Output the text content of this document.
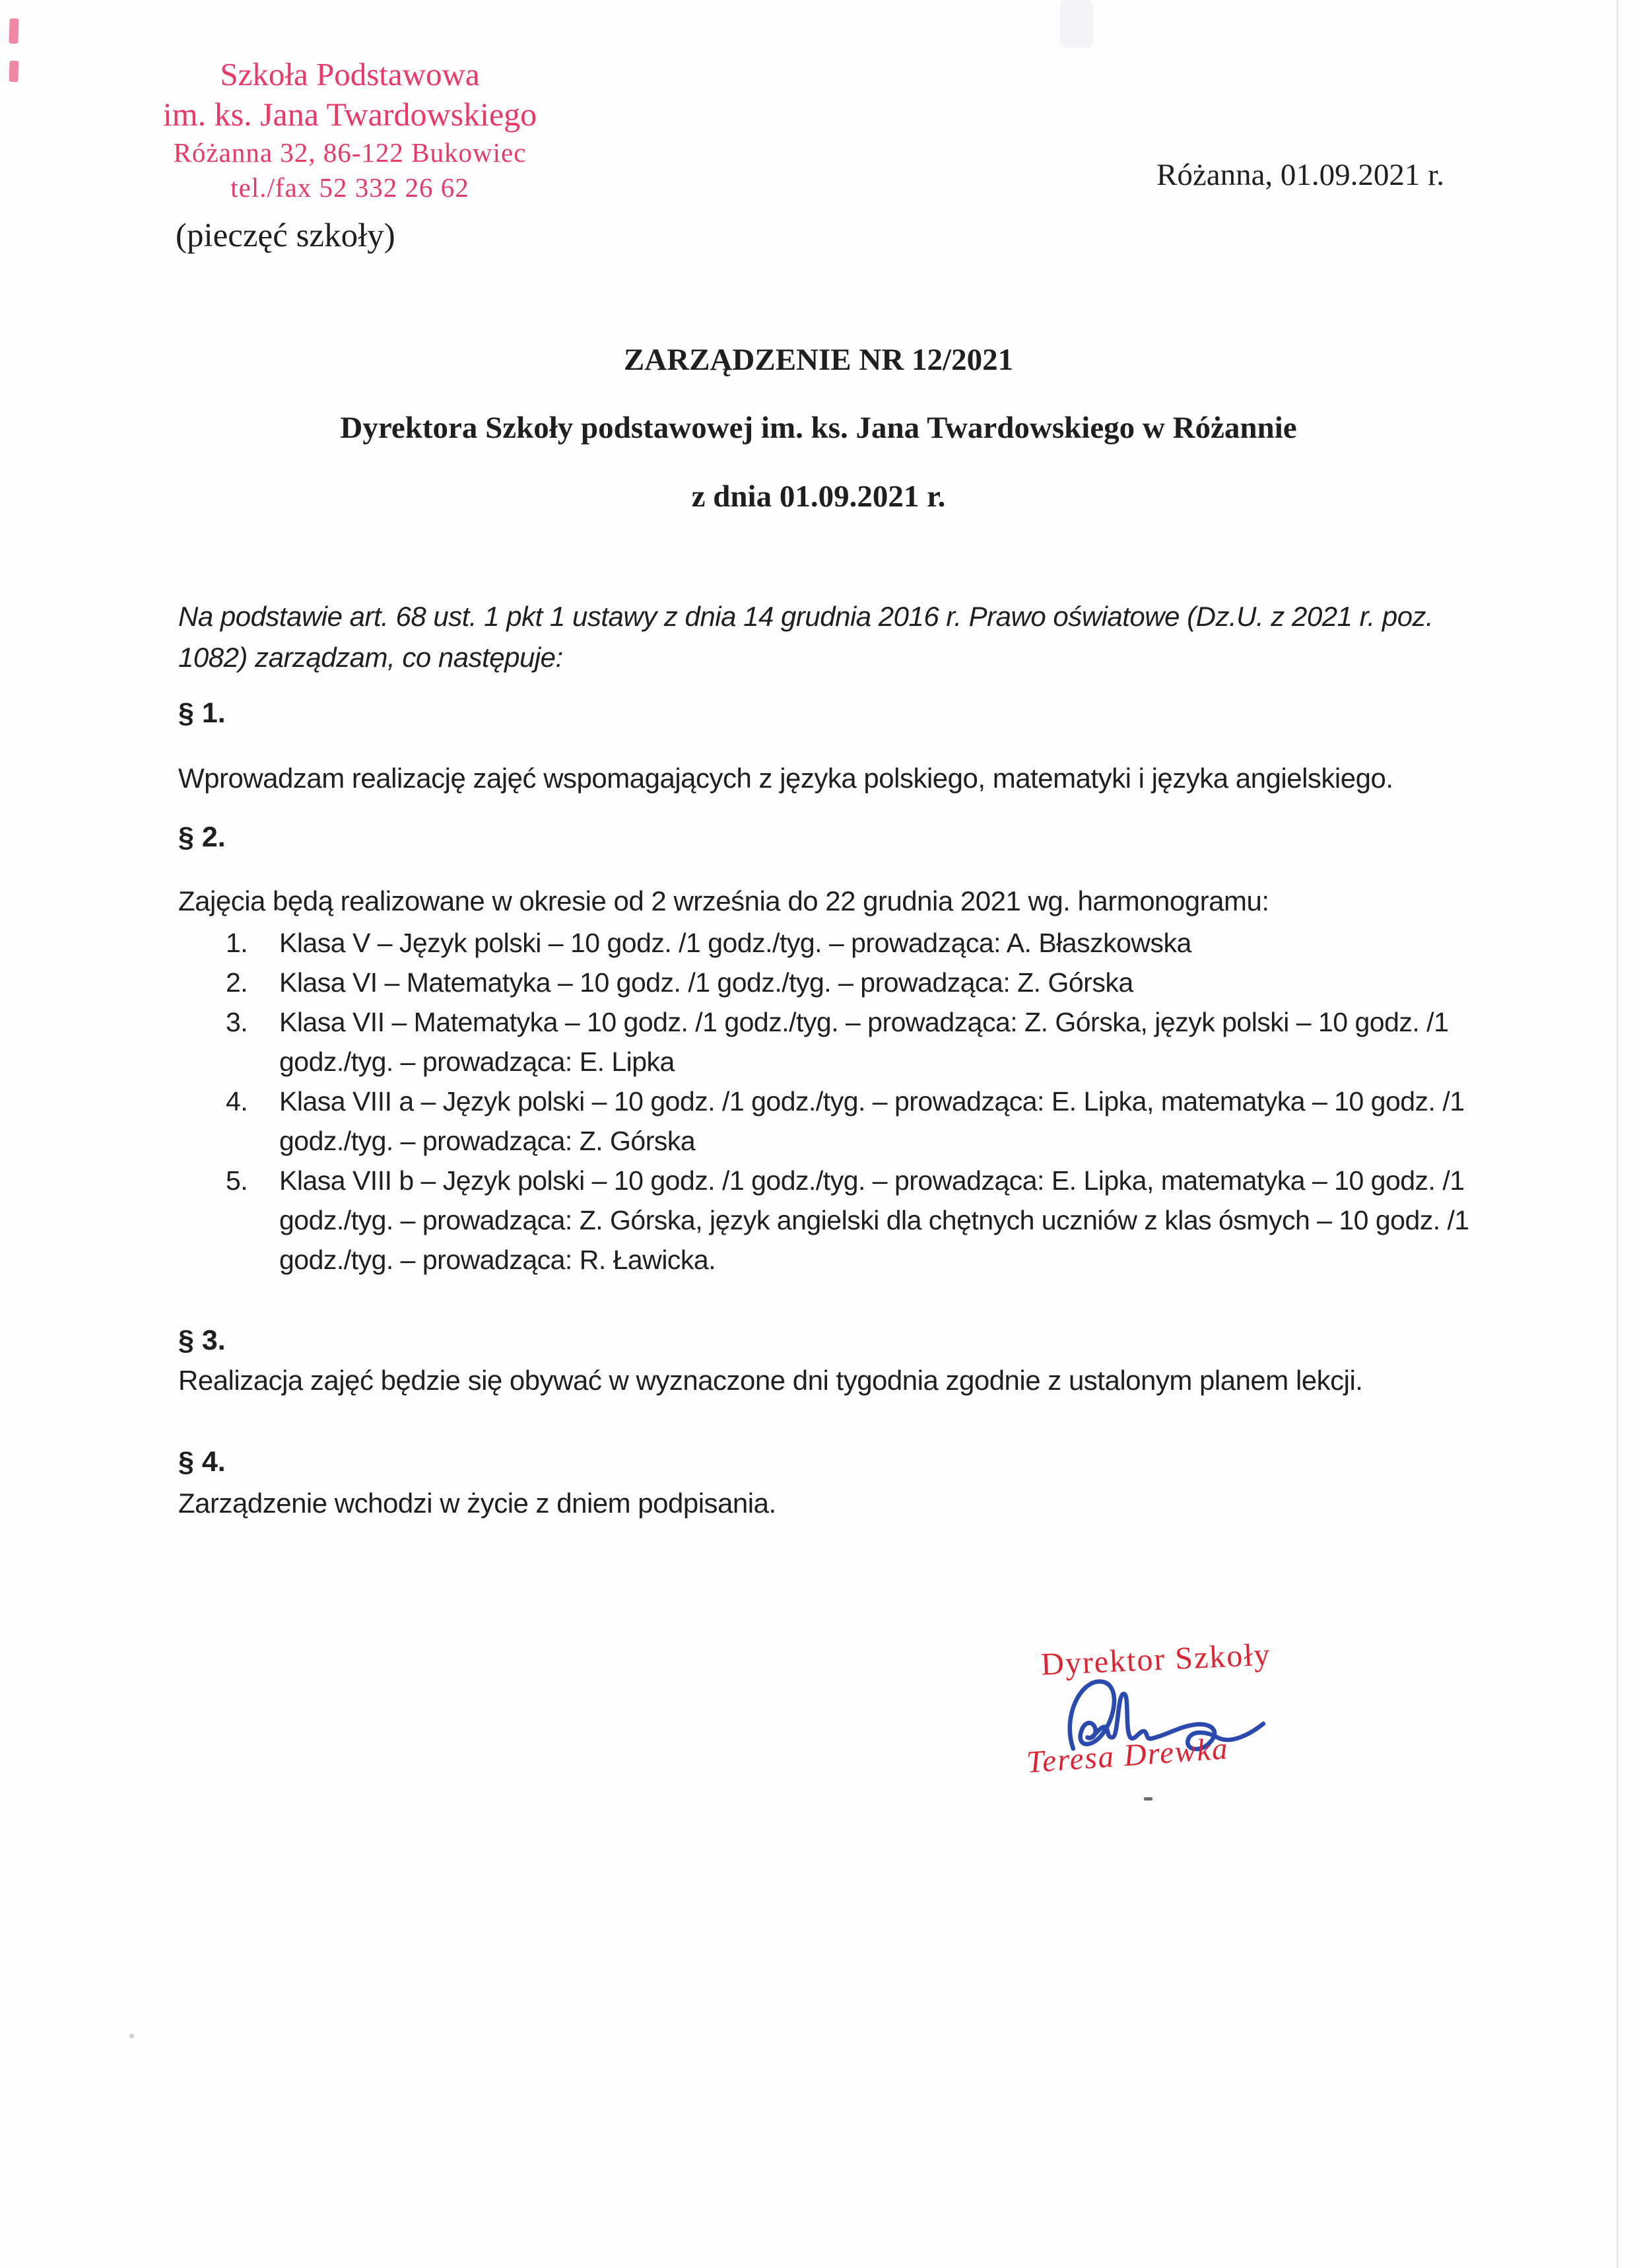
Szkoła Podstawowa
im. ks. Jana Twardowskiego
Różanna 32, 86-122 Bukowiec
tel./fax 52 332 26 62	Różanna, 01.09.2021 r.
(pieczęć szkoły)
ZARZĄDZENIE NR 12/2021
Dyrektora Szkoły podstawowej im. ks. Jana Twardowskiego w Różannie
z dnia 01.09.2021 r.

Na podstawie art. 68 ust. 1 pkt 1 ustawy z dnia 14 grudnia 2016 r. Prawo oświatowe (Dz.U. z 2021 r. poz. 1082) zarządzam, co następuje:

§ 1.

Wprowadzam realizację zajęć wspomagających z języka polskiego, matematyki i języka angielskiego.

§ 2.

Zajęcia będą realizowane w okresie od 2 września do 22 grudnia 2021 wg. harmonogramu:

1.	Klasa V – Język polski – 10 godz. /1 godz./tyg. – prowadząca: A. Błaszkowska
2.	Klasa VI – Matematyka – 10 godz. /1 godz./tyg. – prowadząca: Z. Górska
3.	Klasa VII – Matematyka – 10 godz. /1 godz./tyg. – prowadząca: Z. Górska, język polski – 10 godz. /1 godz./tyg. – prowadząca: E. Lipka
4.	Klasa VIII a – Język polski – 10 godz. /1 godz./tyg. – prowadząca: E. Lipka, matematyka – 10 godz. /1 godz./tyg. – prowadząca: Z. Górska
5.	Klasa VIII b – Język polski – 10 godz. /1 godz./tyg. – prowadząca: E. Lipka, matematyka – 10 godz. /1 godz./tyg. – prowadząca: Z. Górska, język angielski dla chętnych uczniów z klas ósmych – 10 godz. /1 godz./tyg. – prowadząca: R. Ławicka.
§ 3.

Realizacja zajęć będzie się obywać w wyznaczone dni tygodnia zgodnie z ustalonym planem lekcji.

§ 4.

Zarządzenie wchodzi w życie z dniem podpisania.

Dyrektor Szkoły
Teresa Drewka
